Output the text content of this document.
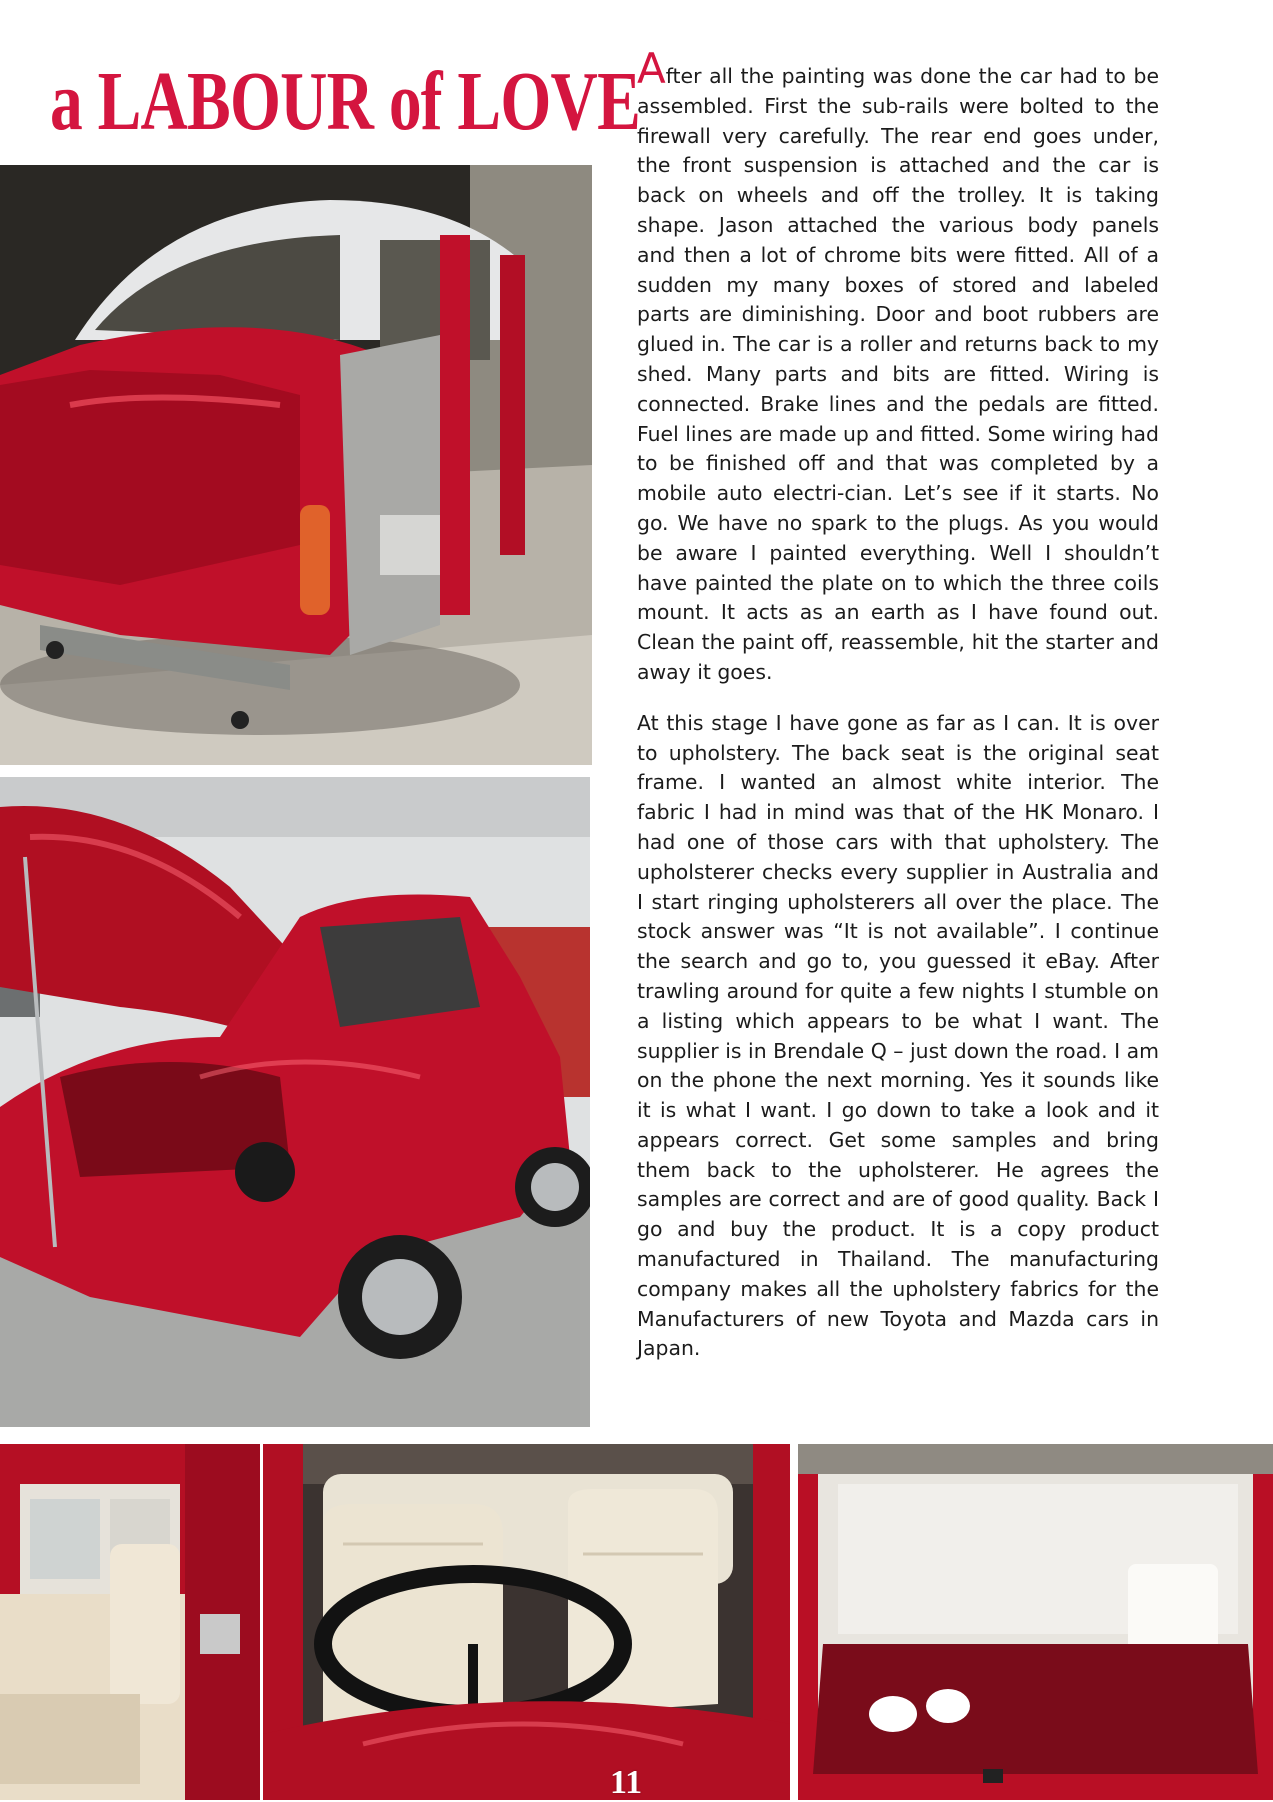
a LABOUR of LOVE

After all the painting was done the car had to be assembled. First the sub-rails were bolted to the firewall very carefully. The rear end goes under, the front suspension is attached and the car is back on wheels and off the trolley. It is taking shape. Jason attached the various body panels and then a lot of chrome bits were fitted. All of a sudden my many boxes of stored and labeled parts are diminishing. Door and boot rubbers are glued in. The car is a roller and returns back to my shed. Many parts and bits are fitted. Wiring is connected. Brake lines and the pedals are fitted. Fuel lines are made up and fitted. Some wiring had to be finished off and that was completed by a mobile auto electri-cian. Let’s see if it starts. No go. We have no spark to the plugs. As you would be aware I painted everything. Well I shouldn’t have painted the plate on to which the three coils mount. It acts as an earth as I have found out. Clean the paint off, reassemble, hit the starter and away it goes.

At this stage I have gone as far as I can. It is over to upholstery. The back seat is the original seat frame. I wanted an almost white interior. The fabric I had in mind was that of the HK Monaro. I had one of those cars with that upholstery. The upholsterer checks every supplier in Australia and I start ringing upholsterers all over the place. The stock answer was “It is not available”. I continue the search and go to, you guessed it eBay. After trawling around for quite a few nights I stumble on a listing which appears to be what I want. The supplier is in Brendale Q – just down the road. I am on the phone the next morning. Yes it sounds like it is what I want. I go down to take a look and it appears correct. Get some samples and bring them back to the upholsterer. He agrees the samples are correct and are of good quality. Back I go and buy the product. It is a copy product manufactured in Thailand. The manufacturing company makes all the upholstery fabrics for the Manufacturers of new Toyota and Mazda cars in Japan.

11
